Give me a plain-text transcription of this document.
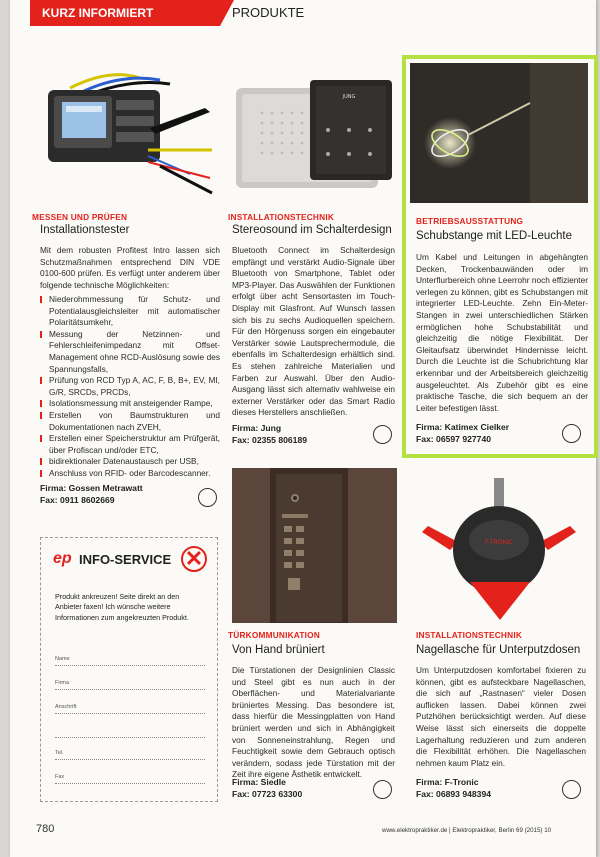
KURZ INFORMIERT	PRODUKTE
MESSEN UND PRÜFEN
Installationstester
Mit dem robusten Profitest Intro lassen sich Schutzmaßnahmen entsprechend DIN VDE 0100-600 prüfen. Es verfügt unter anderem über folgende technische Möglichkeiten:
Niederohmmessung für Schutz- und Potentialausgleichsleiter mit automatischer Polaritätsumkehr,
Messung der Netzinnen- und Fehlerschleifenimpedanz mit Offset-Management ohne RCD-Auslösung sowie des Spannungsfalls,
Prüfung von RCD Typ A, AC, F, B, B+, EV, MI, G/R, SRCDs, PRCDs,
Isolationsmessung mit ansteigender Rampe,
Erstellen von Baumstrukturen und Dokumentationen nach ZVEH,
Erstellen einer Speicherstruktur am Prüfgerät, über Profiscan und/oder ETC,
bidirektionaler Datenaustausch per USB,
Anschluss von RFID- oder Barcodescanner.
Firma: Gossen Metrawatt
Fax: 0911 8602669
JUNG
INSTALLATIONSTECHNIK
Stereosound im Schalterdesign
Bluetooth Connect im Schalterdesign empfängt und verstärkt Audio-Signale über Bluetooth von Smartphone, Tablet oder MP3-Player. Das Auswählen der Funktionen erfolgt über acht Sensortasten im Touch-Display mit Glasfront. Auf Wunsch lassen sich bis zu sechs Audioquellen speichern. Für den Hörgenuss sorgen ein eingebauter Verstärker sowie Lautsprechermodule, die ebenfalls im Schalterdesign erhältlich sind. Es stehen zahlreiche Materialien und Farben zur Auswahl. Über den Audio-Ausgang lässt sich alternativ wahlweise ein externer Verstärker oder das Smart Radio dieses Herstellers anschließen.
Firma: Jung
Fax: 02355 806189
BETRIEBSAUSSTATTUNG
Schubstange mit LED-Leuchte
Um Kabel und Leitungen in abgehängten Decken, Trockenbauwänden oder im Unterflurbereich ohne Leerrohr noch effizienter verlegen zu können, gibt es Schubstangen mit integrierter LED-Leuchte. Zehn Ein-Meter-Stangen in zwei unterschiedlichen Stärken ermöglichen hohe Schubstabilität und gleichzeitig die nötige Flexibilität. Der Gleitaufsatz überwindet Hindernisse leicht. Durch die Leuchte ist die Schubrichtung klar erkennbar und der Arbeitsbereich gleichzeitig ausgeleuchtet. Als Zubehör gibt es eine praktische Tasche, die sich bequem an der Leiter befestigen lässt.
Firma: Katimex Cielker
Fax: 06597 927740
ep INFO-SERVICE ✕
Produkt ankreuzen! Seite direkt an den Anbieter faxen! Ich wünsche weitere Informationen zum angekreuzten Produkt.
Name
Firma
Anschrift
Tel.
Fax
TÜRKOMMUNIKATION
Von Hand brüniert
Die Türstationen der Designlinien Classic und Steel gibt es nun auch in der Oberflächen- und Materialvariante brüniertes Messing. Das besondere ist, dass hierfür die Messingplatten von Hand brüniert werden und sich in Abhängigkeit von Sonneneinstrahlung, Regen und Feuchtigkeit sowie dem Gebrauch optisch verändern, sodass jede Türstation mit der Zeit ihre eigene Ästhetik entwickelt.
Firma: Siedle
Fax: 07723 63300
F-TRONIC
INSTALLATIONSTECHNIK
Nagellasche für Unterputzdosen
Um Unterputzdosen komfortabel fixieren zu können, gibt es aufsteckbare Nagellaschen, die sich auf „Rastnasen“ vieler Dosen auflicken lassen. Dabei können zwei Putzhöhen berücksichtigt werden. Auf diese Weise lässt sich einerseits die doppelte Lagerhaltung reduzieren und zum anderen die Flexibilität erhöhen. Die Nagellaschen nehmen kaum Platz ein.
Firma: F-Tronic
Fax: 06893 948394
780	www.elektropraktiker.de | Elektropraktiker, Berlin 69 (2015) 10
